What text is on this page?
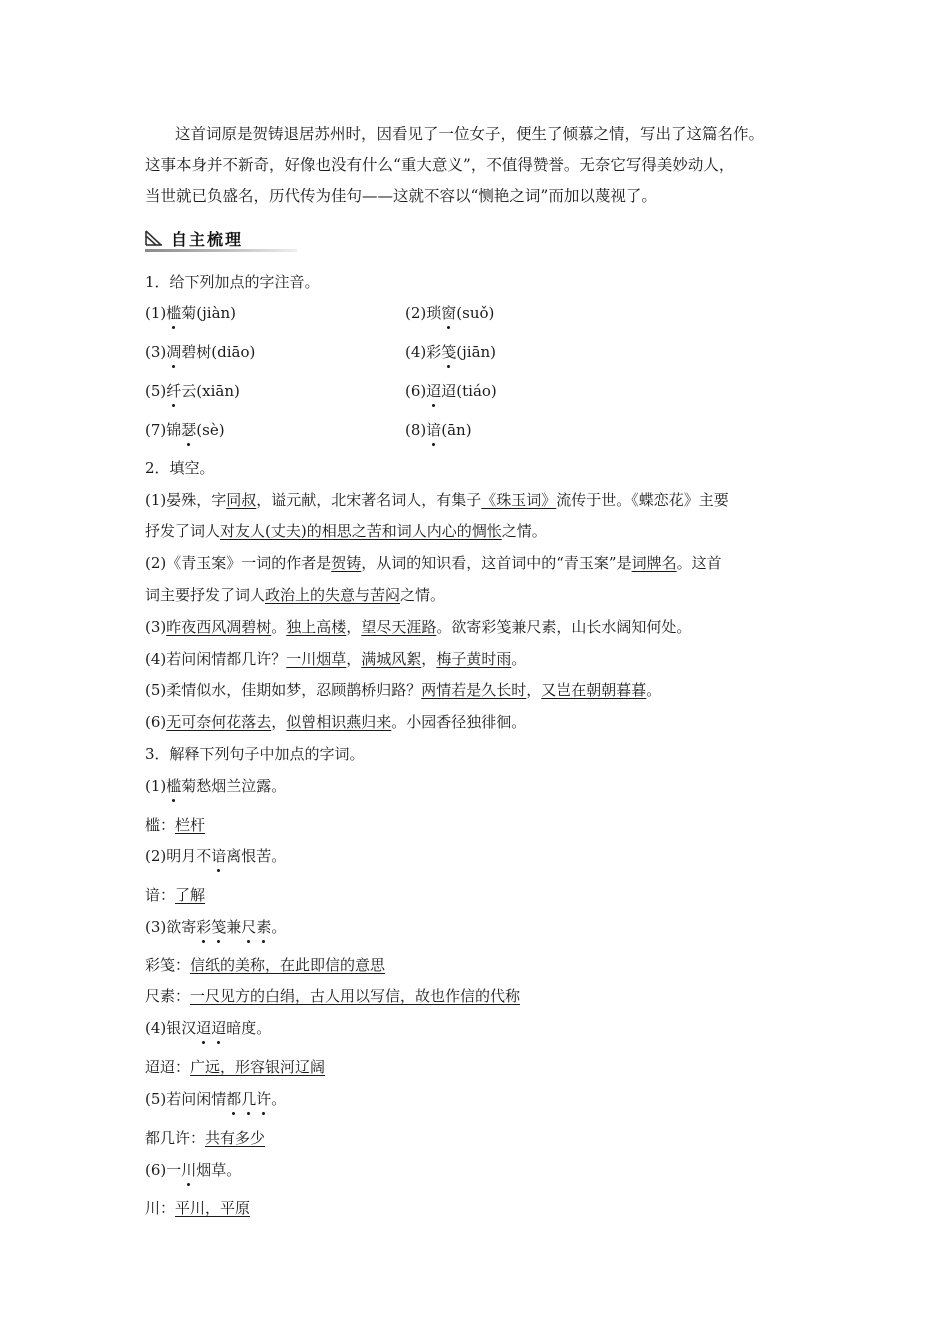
这首词原是贺铸退居苏州时，因看见了一位女子，便生了倾慕之情，写出了这篇名作。
这事本身并不新奇，好像也没有什么“重大意义”，不值得赞誉。无奈它写得美妙动人，
当世就已负盛名，历代传为佳句——这就不容以“恻艳之词”而加以蔑视了。
自主梳理
1．给下列加点的字注音。
(1)槛菊(jiàn)	(2)琐窗(suǒ)
(3)凋碧树(diāo)	(4)彩笺(jiān)
(5)纤云(xiān)	(6)迢迢(tiáo)
(7)锦瑟(sè)	(8)谙(ān)
2．填空。
(1)晏殊，字同叔，谥元献，北宋著名词人，有集子《珠玉词》流传于世。《蝶恋花》主要
抒发了词人对友人(丈夫)的相思之苦和词人内心的惆怅之情。
(2)《青玉案》一词的作者是贺铸，从词的知识看，这首词中的“青玉案”是词牌名。这首
词主要抒发了词人政治上的失意与苦闷之情。
(3)昨夜西风凋碧树。独上高楼，望尽天涯路。欲寄彩笺兼尺素，山长水阔知何处。
(4)若问闲情都几许？一川烟草，满城风絮，梅子黄时雨。
(5)柔情似水，佳期如梦，忍顾鹊桥归路？两情若是久长时，又岂在朝朝暮暮。
(6)无可奈何花落去，似曾相识燕归来。小园香径独徘徊。
3．解释下列句子中加点的字词。
(1)槛菊愁烟兰泣露。
槛：栏杆
(2)明月不谙离恨苦。
谙：了解
(3)欲寄彩笺兼尺素。
彩笺：信纸的美称，在此即信的意思
尺素：一尺见方的白绢，古人用以写信，故也作信的代称
(4)银汉迢迢暗度。
迢迢：广远，形容银河辽阔
(5)若问闲情都几许。
都几许：共有多少
(6)一川烟草。
川：平川，平原
